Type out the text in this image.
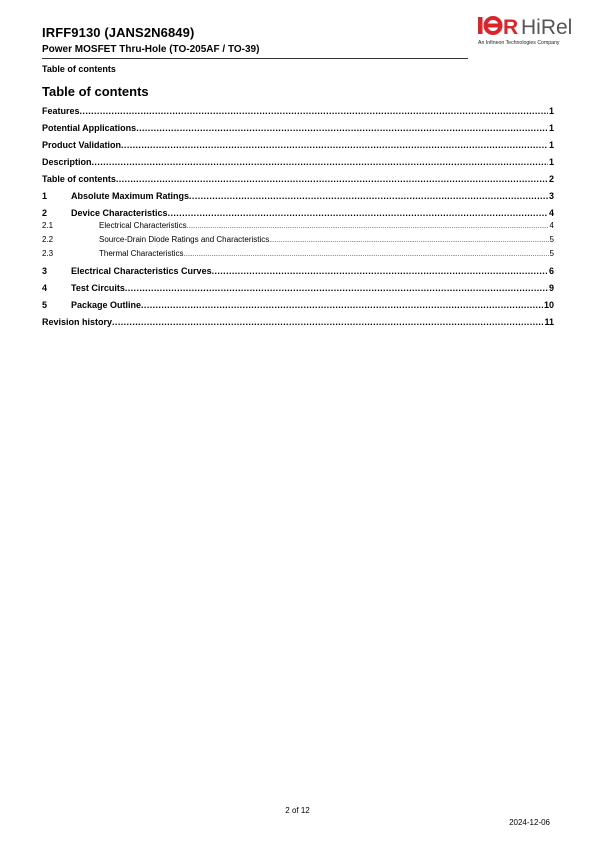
IRFF9130 (JANS2N6849)
Power MOSFET Thru-Hole (TO-205AF / TO-39)
Table of contents
R HiRel
An Infineon Technologies Company
Table of contents
Features .....	1
Potential Applications .....	1
Product Validation .....	1
Description .....	1
Table of contents .....	2
1	Absolute Maximum Ratings .....	3
2	Device Characteristics .....	4
2.1	Electrical Characteristics .....	4
2.2	Source-Drain Diode Ratings and Characteristics .....	5
2.3	Thermal Characteristics .....	5
3	Electrical Characteristics Curves .....	6
4	Test Circuits .....	9
5	Package Outline .....	10
Revision history .....	11
2 of 12
2024-12-06
